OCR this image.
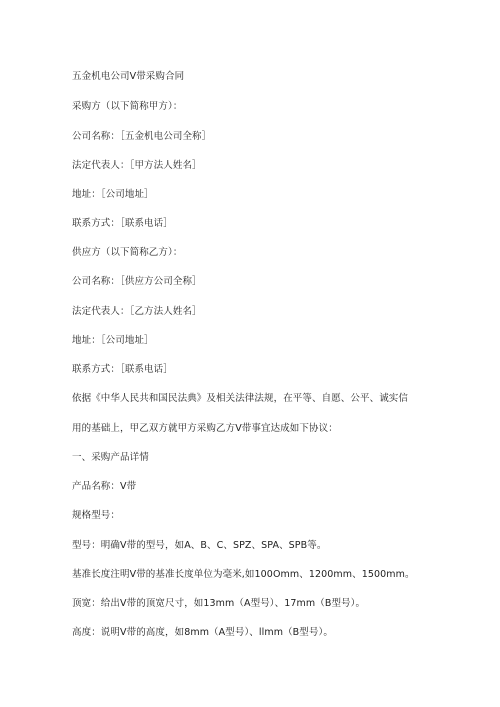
五金机电公司V带采购合同
采购方（以下简称甲方）：
公司名称：［五金机电公司全称］
法定代表人：［甲方法人姓名］
地址：［公司地址］
联系方式：［联系电话］
供应方（以下简称乙方）：
公司名称：［供应方公司全称］
法定代表人：［乙方法人姓名］
地址：［公司地址］
联系方式：［联系电话］
依据《中华人民共和国民法典》及相关法律法规，在平等、自愿、公平、诚实信
用的基础上，甲乙双方就甲方采购乙方V带事宜达成如下协议：
一、采购产品详情
产品名称：V带
规格型号：
型号：明确V带的型号，如A、B、C、SPZ、SPA、SPB等。
基准长度注明V带的基准长度单位为毫米,如100Omm、1200mm、1500mm。
顶宽：给出V带的顶宽尺寸，如13mm（A型号）、17mm（B型号）。
高度：说明V带的高度，如8mm（A型号）、llmm（B型号）。
